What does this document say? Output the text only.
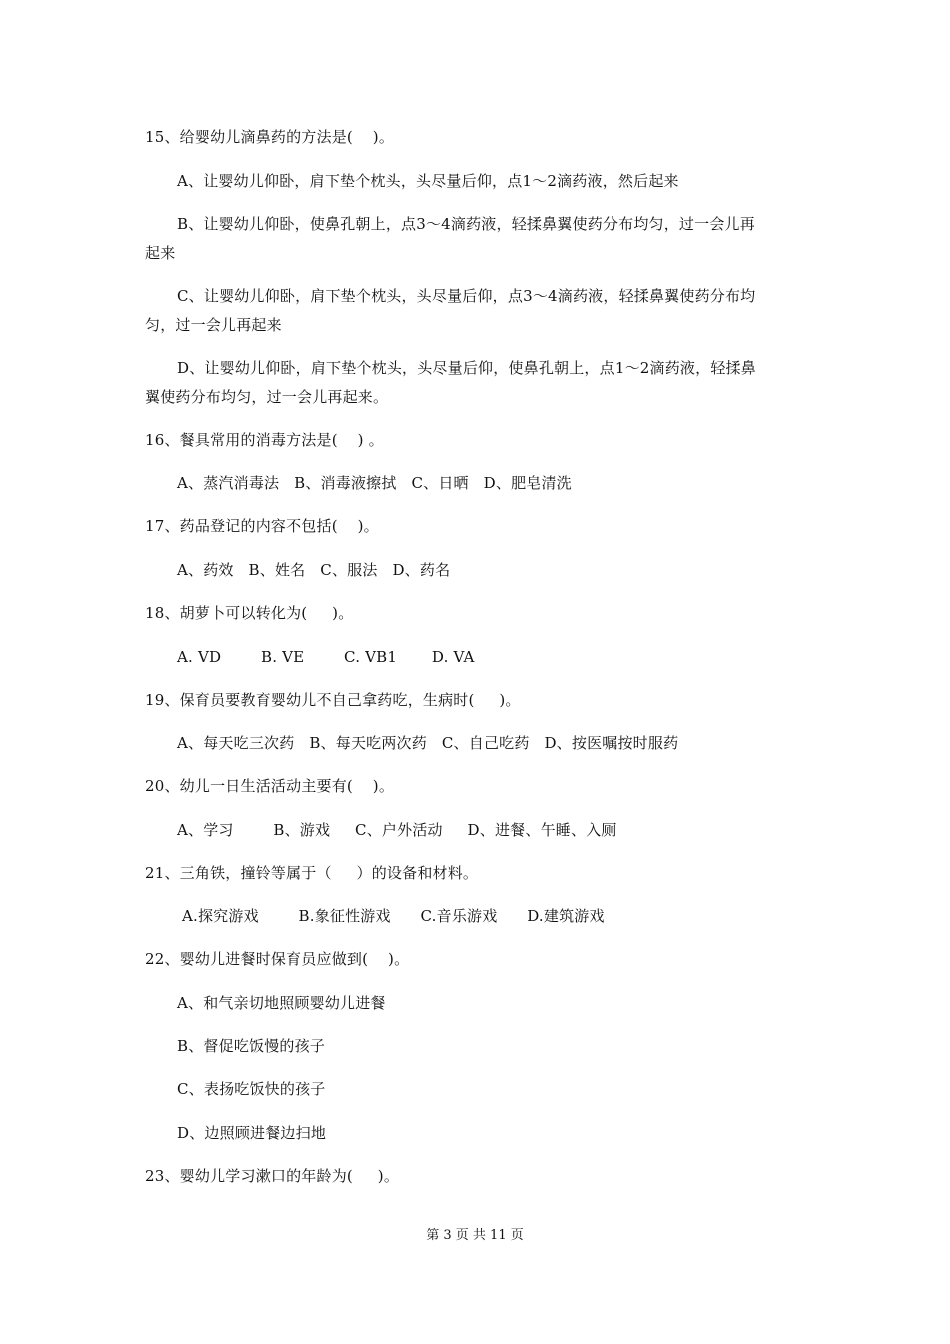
15、给婴幼儿滴鼻药的方法是(    )。
A、让婴幼儿仰卧，肩下垫个枕头，头尽量后仰，点1～2滴药液，然后起来
B、让婴幼儿仰卧，使鼻孔朝上，点3～4滴药液，轻揉鼻翼使药分布均匀，过一会儿再
起来
C、让婴幼儿仰卧，肩下垫个枕头，头尽量后仰，点3～4滴药液，轻揉鼻翼使药分布均
匀，过一会儿再起来
D、让婴幼儿仰卧，肩下垫个枕头，头尽量后仰，使鼻孔朝上，点1～2滴药液，轻揉鼻
翼使药分布均匀，过一会儿再起来。
16、餐具常用的消毒方法是(    ) 。
A、蒸汽消毒法   B、消毒液擦拭   C、日晒   D、肥皂清洗
17、药品登记的内容不包括(    )。
A、药效   B、姓名   C、服法   D、药名
18、胡萝卜可以转化为(     )。
A. VD        B. VE        C. VB1       D. VA
19、保育员要教育婴幼儿不自己拿药吃，生病时(     )。
A、每天吃三次药   B、每天吃两次药   C、自己吃药   D、按医嘱按时服药
20、幼儿一日生活活动主要有(    )。
A、学习        B、游戏     C、户外活动     D、进餐、午睡、入厕
21、三角铁，撞铃等属于（     ）的设备和材料。
A.探究游戏        B.象征性游戏      C.音乐游戏      D.建筑游戏
22、婴幼儿进餐时保育员应做到(    )。
A、和气亲切地照顾婴幼儿进餐
B、督促吃饭慢的孩子
C、表扬吃饭快的孩子
D、边照顾进餐边扫地
23、婴幼儿学习漱口的年龄为(     )。
第 3 页 共 11 页
